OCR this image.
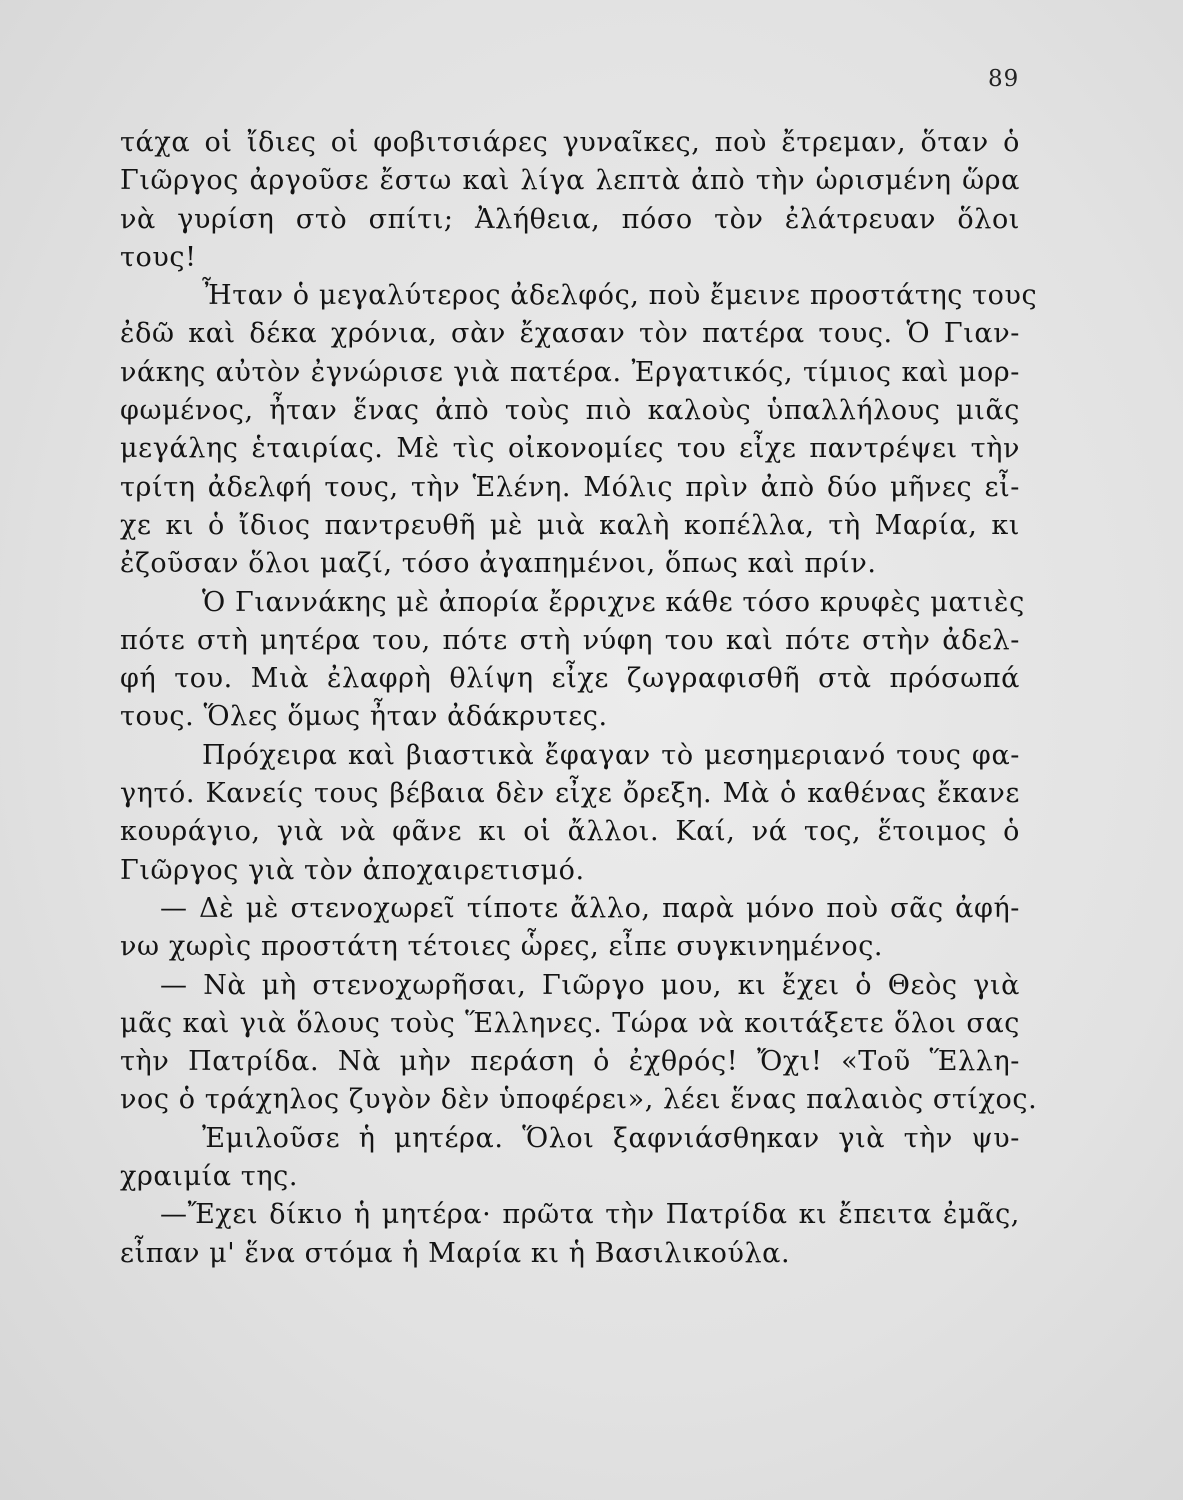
89
τάχα οἱ ἴδιες οἱ φοβιτσιάρες γυναῖκες, ποὺ ἔτρεμαν, ὅταν ὁ
Γιῶργος ἀργοῦσε ἔστω καὶ λίγα λεπτὰ ἀπὸ τὴν ὡρισμένη ὥρα
νὰ γυρίση στὸ σπίτι; Ἀλήθεια, πόσο τὸν ἐλάτρευαν ὅλοι
τους!
Ἦταν ὁ μεγαλύτερος ἀδελφός, ποὺ ἔμεινε προστάτης τους
ἐδῶ καὶ δέκα χρόνια, σὰν ἔχασαν τὸν πατέρα τους. Ὁ Γιαν-
νάκης αὐτὸν ἐγνώρισε γιὰ πατέρα. Ἐργατικός, τίμιος καὶ μορ-
φωμένος, ἦταν ἕνας ἀπὸ τοὺς πιὸ καλοὺς ὑπαλλήλους μιᾶς
μεγάλης ἑταιρίας. Μὲ τὶς οἰκονομίες του εἶχε παντρέψει τὴν
τρίτη ἀδελφή τους, τὴν Ἑλένη. Μόλις πρὶν ἀπὸ δύο μῆνες εἶ-
χε κι ὁ ἴδιος παντρευθῆ μὲ μιὰ καλὴ κοπέλλα, τὴ Μαρία, κι
ἐζοῦσαν ὅλοι μαζί, τόσο ἀγαπημένοι, ὅπως καὶ πρίν.
Ὁ Γιαννάκης μὲ ἀπορία ἔρριχνε κάθε τόσο κρυφὲς ματιὲς
πότε στὴ μητέρα του, πότε στὴ νύφη του καὶ πότε στὴν ἀδελ-
φή του. Μιὰ ἐλαφρὴ θλίψη εἶχε ζωγραφισθῆ στὰ πρόσωπά
τους. Ὅλες ὅμως ἦταν ἀδάκρυτες.
Πρόχειρα καὶ βιαστικὰ ἔφαγαν τὸ μεσημεριανό τους φα-
γητό. Κανείς τους βέβαια δὲν εἶχε ὄρεξη. Μὰ ὁ καθένας ἔκανε
κουράγιο, γιὰ νὰ φᾶνε κι οἱ ἄλλοι. Καί, νά τος, ἕτοιμος ὁ
Γιῶργος γιὰ τὸν ἀποχαιρετισμό.
— Δὲ μὲ στενοχωρεῖ τίποτε ἄλλο, παρὰ μόνο ποὺ σᾶς ἀφή-
νω χωρὶς προστάτη τέτοιες ὧρες, εἶπε συγκινημένος.
— Νὰ μὴ στενοχωρῆσαι, Γιῶργο μου, κι ἔχει ὁ Θεὸς γιὰ
μᾶς καὶ γιὰ ὅλους τοὺς Ἕλληνες. Τώρα νὰ κοιτάξετε ὅλοι σας
τὴν Πατρίδα. Νὰ μὴν περάση ὁ ἐχθρός! Ὄχι! «Τοῦ Ἕλλη-
νος ὁ τράχηλος ζυγὸν δὲν ὑποφέρει», λέει ἕνας παλαιὸς στίχος.
Ἐμιλοῦσε ἡ μητέρα. Ὅλοι ξαφνιάσθηκαν γιὰ τὴν ψυ-
χραιμία της.
—Ἔχει δίκιο ἡ μητέρα· πρῶτα τὴν Πατρίδα κι ἔπειτα ἐμᾶς,
εἶπαν μ' ἕνα στόμα ἡ Μαρία κι ἡ Βασιλικούλα.
